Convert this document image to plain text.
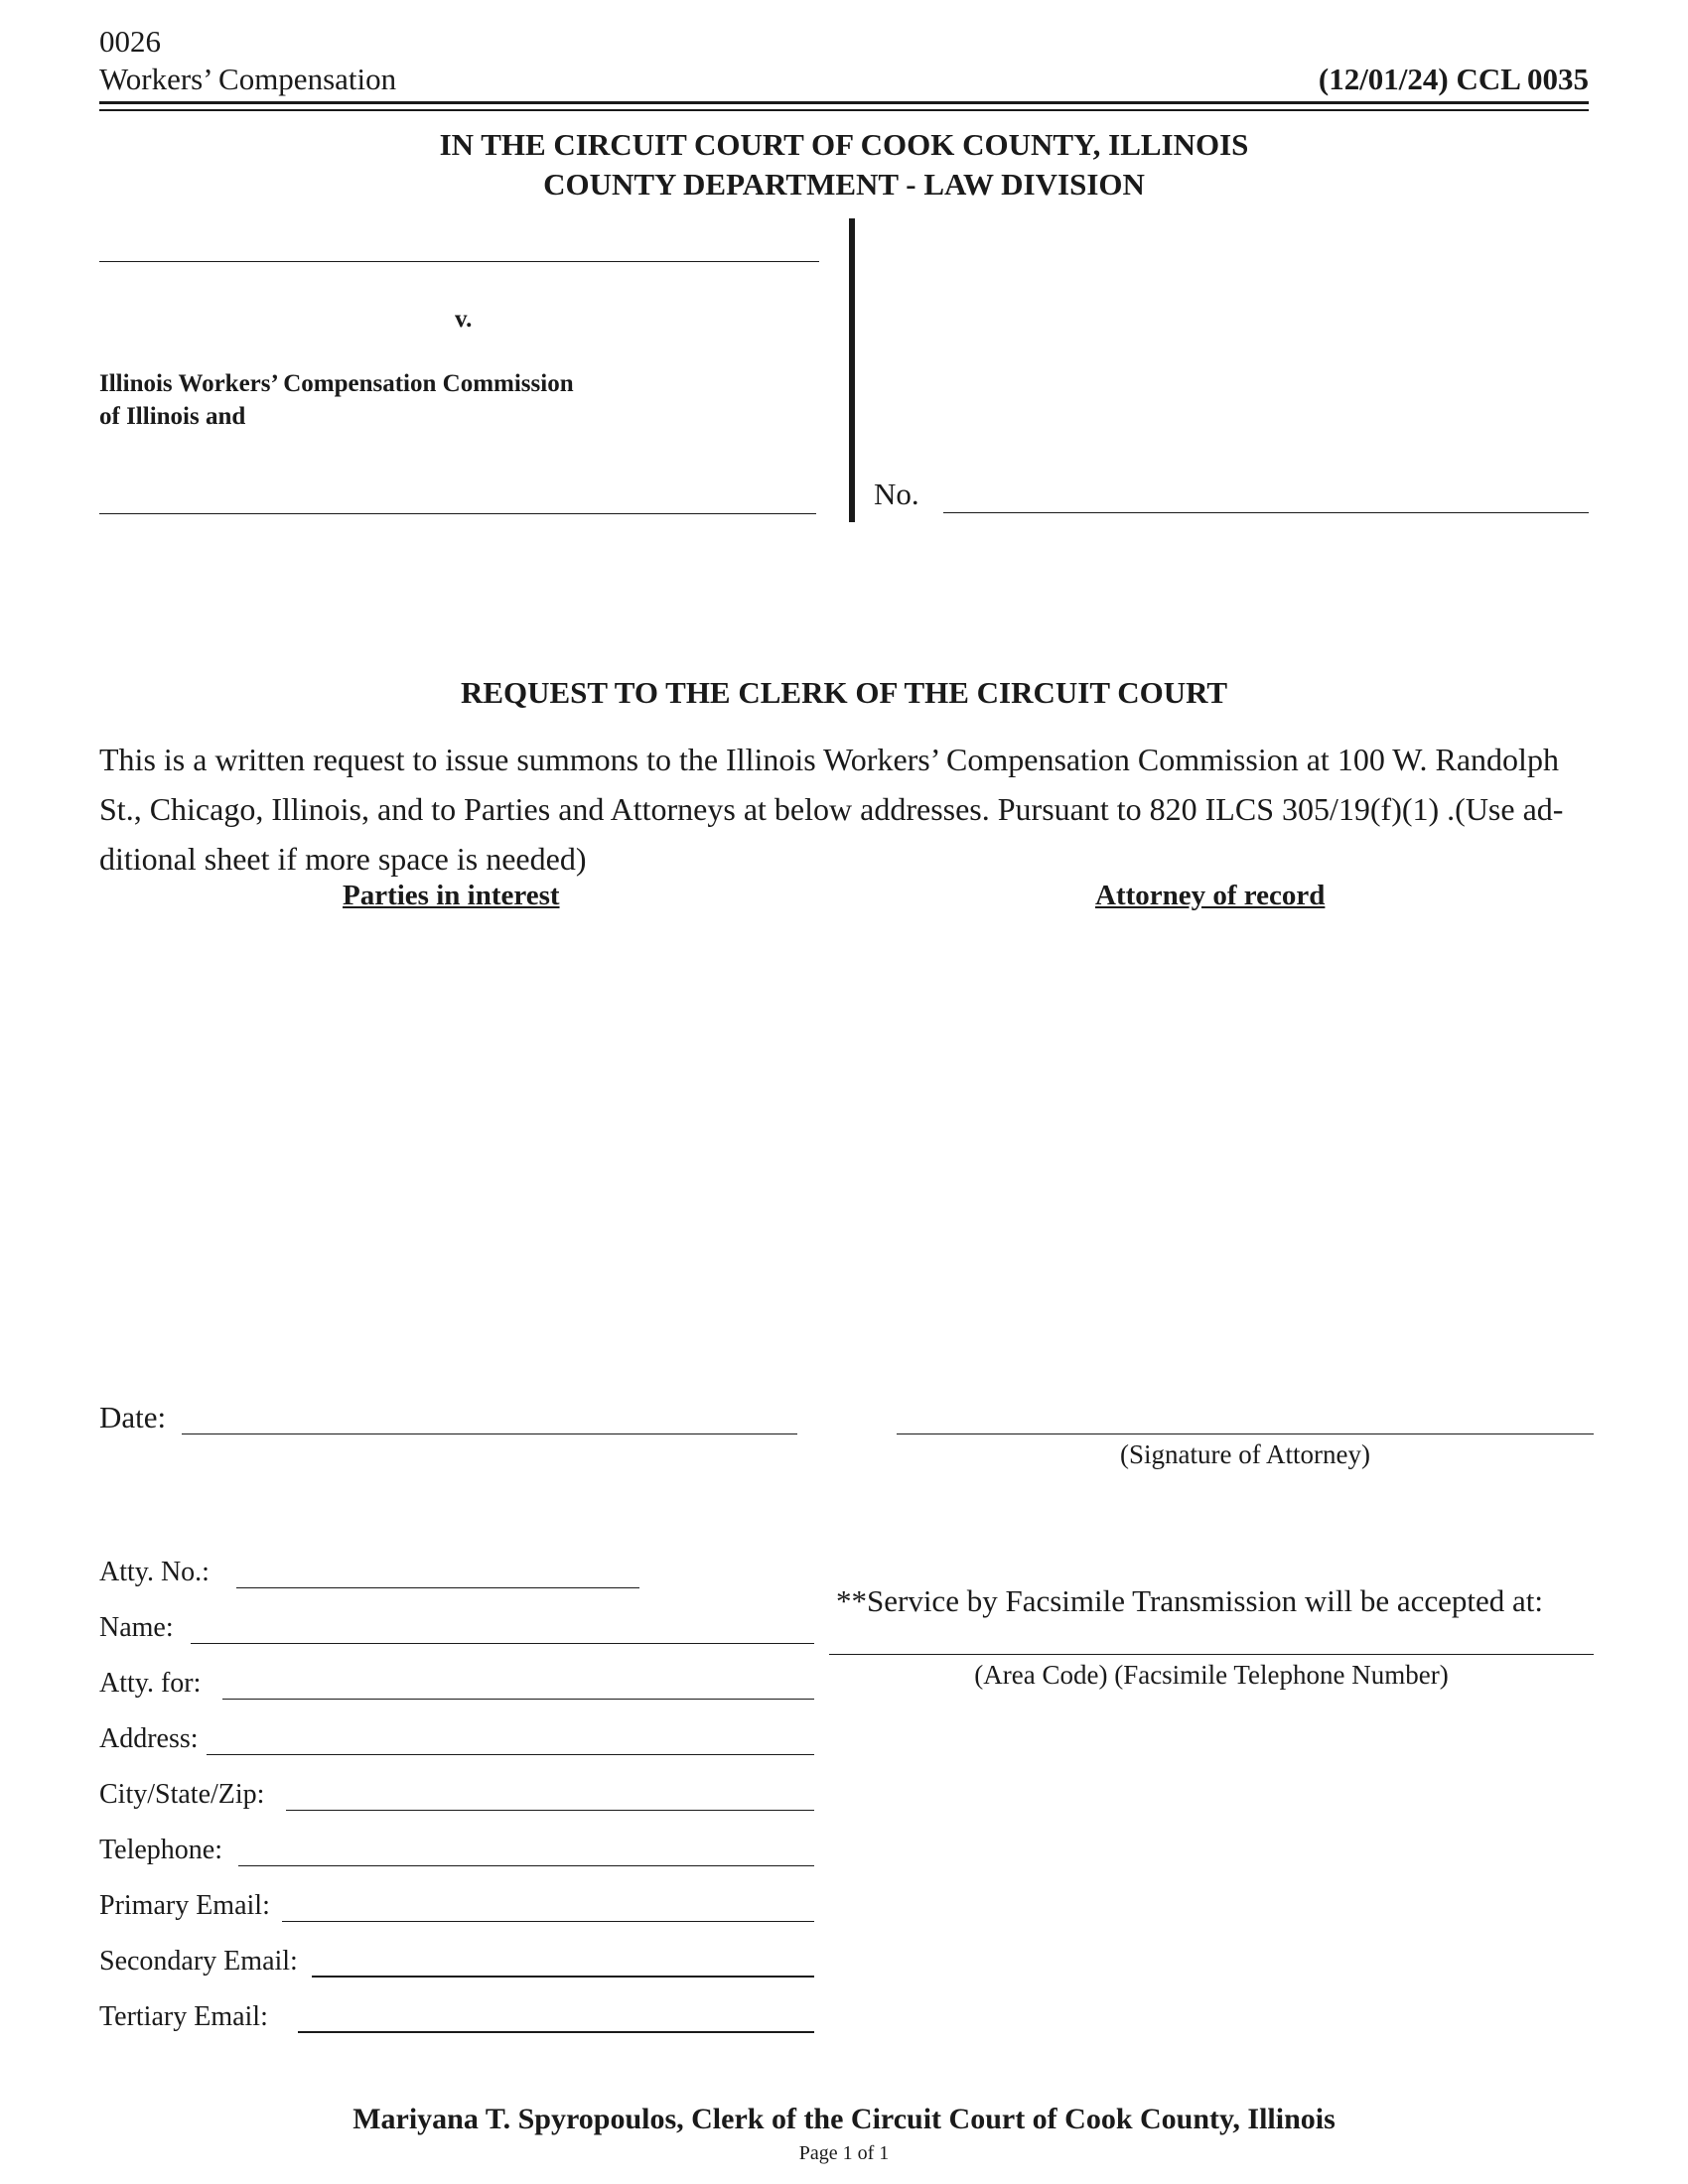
0026
Workers’ Compensation	(12/01/24) CCL 0035
IN THE CIRCUIT COURT OF COOK COUNTY, ILLINOIS
COUNTY DEPARTMENT - LAW DIVISION
v.
Illinois Workers’ Compensation Commission
of Illinois and
No.
REQUEST TO THE CLERK OF THE CIRCUIT COURT
This is a written request to issue summons to the Illinois Workers’ Compensation Commission at 100 W. Randolph
St., Chicago, Illinois, and to Parties and Attorneys at below addresses. Pursuant to 820 ILCS 305/19(f)(1) .(Use ad-
ditional sheet if more space is needed)
Parties in interest	Attorney of record
Date:
(Signature of Attorney)
Atty. No.:
Name:
Atty. for:
Address:
City/State/Zip:
Telephone:
Primary Email:
Secondary Email:
Tertiary Email:
**Service by Facsimile Transmission will be accepted at:
(Area Code) (Facsimile Telephone Number)
Mariyana T. Spyropoulos, Clerk of the Circuit Court of Cook County, Illinois
Page 1 of 1
